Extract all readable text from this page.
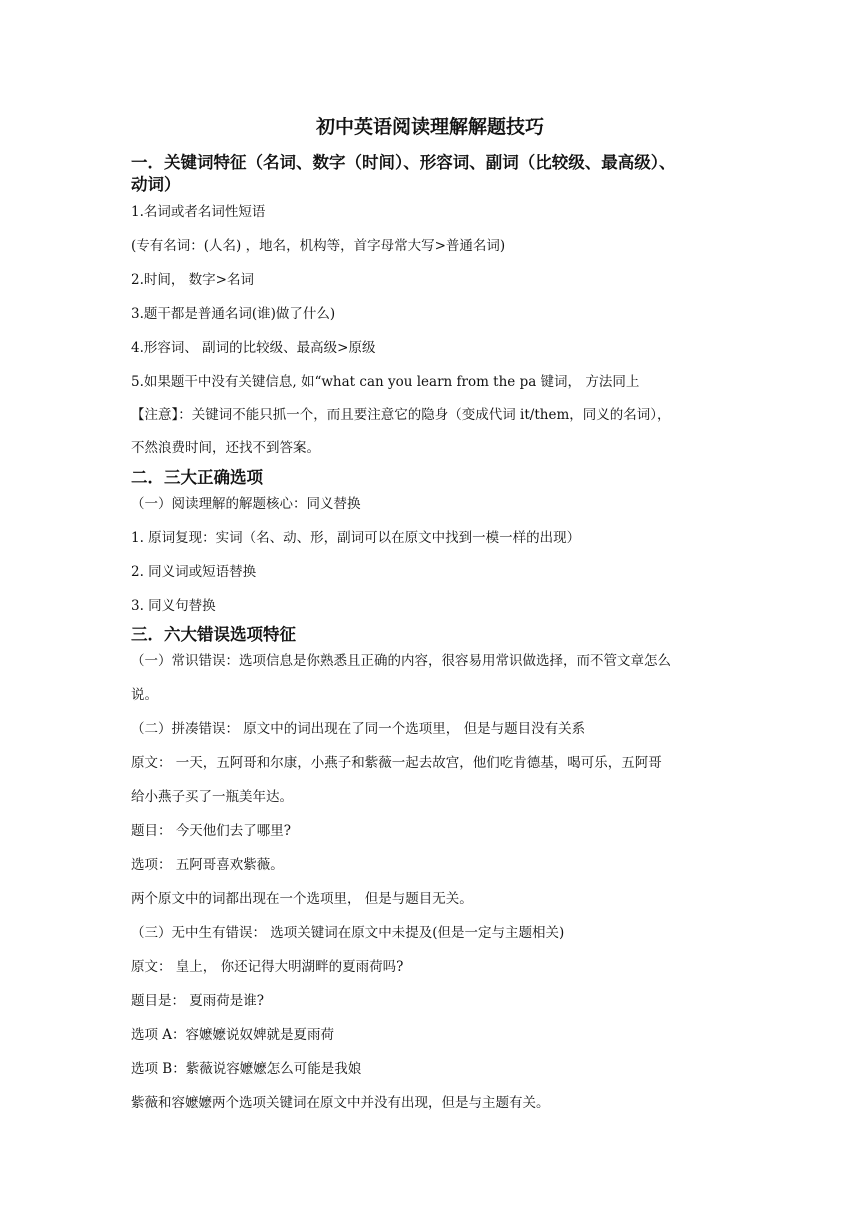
初中英语阅读理解解题技巧
一．关键词特征（名词、数字（时间）、形容词、副词（比较级、最高级）、
动词）
1.名词或者名词性短语
(专有名词：(人名) ，地名，机构等，首字母常大写>普通名词)
2.时间， 数字>名词
3.题干都是普通名词(谁)做了什么)
4.形容词、 副词的比较级、最高级>原级
5.如果题干中没有关键信息, 如“what can you learn from the pa 键词， 方法同上
【注意】：关键词不能只抓一个，而且要注意它的隐身（变成代词 it/them，同义的名词），
不然浪费时间，还找不到答案。
二．三大正确选项
（一）阅读理解的解题核心：同义替换
1. 原词复现：实词（名、动、形，副词可以在原文中找到一模一样的出现）
2. 同义词或短语替换
3. 同义句替换
三．六大错误选项特征
（一）常识错误：选项信息是你熟悉且正确的内容，很容易用常识做选择，而不管文章怎么
说。
（二）拼凑错误： 原文中的词出现在了同一个选项里， 但是与题目没有关系
原文： 一天，五阿哥和尔康，小燕子和紫薇一起去故宫，他们吃肯德基，喝可乐，五阿哥
给小燕子买了一瓶美年达。
题目： 今天他们去了哪里?
选项： 五阿哥喜欢紫薇。
两个原文中的词都出现在一个选项里， 但是与题目无关。
（三）无中生有错误： 选项关键词在原文中未提及(但是一定与主题相关)
原文： 皇上， 你还记得大明湖畔的夏雨荷吗?
题目是： 夏雨荷是谁?
选项 A：容嬷嬷说奴婢就是夏雨荷
选项 B：紫薇说容嬷嬷怎么可能是我娘
紫薇和容嬷嬷两个选项关键词在原文中并没有出现，但是与主题有关。
